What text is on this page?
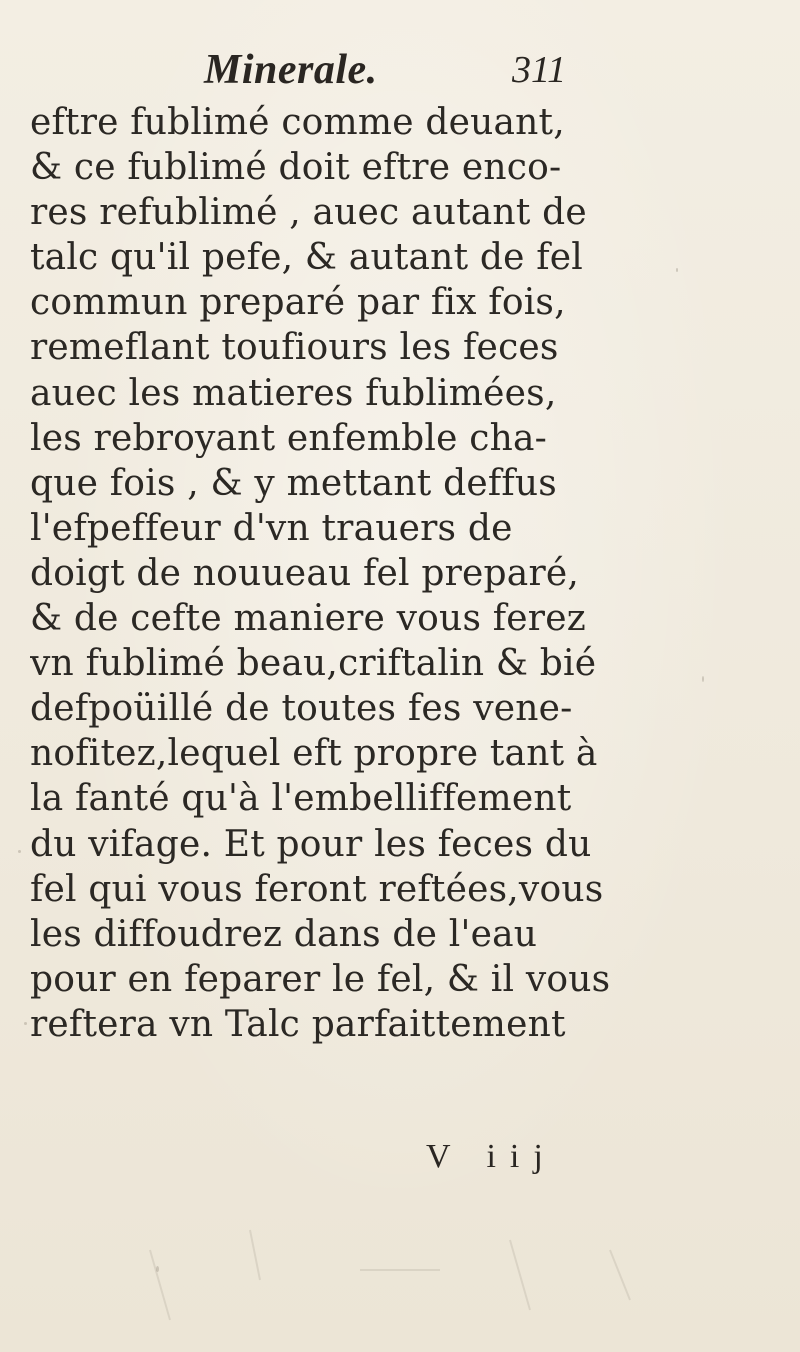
Minerale.	311
eftre fublimé comme deuant,
& ce fublimé doit eftre enco-
res refublimé , auec autant de
talc qu'il pefe, & autant de fel
commun preparé par fix fois,
remeflant toufiours les feces
auec les matieres fublimées,
les rebroyant enfemble cha-
que fois , & y mettant deffus
l'efpeffeur d'vn trauers de
doigt de nouueau fel preparé,
& de cefte maniere vous ferez
vn fublimé beau,criftalin & bié
defpoüillé de toutes fes vene-
nofitez,lequel eft propre tant à
la fanté qu'à l'embelliffement
du vifage. Et pour les feces du
fel qui vous feront reftées,vous
les diffoudrez dans de l'eau
pour en feparer le fel, & il vous
reftera vn Talc parfaittement
V iij
